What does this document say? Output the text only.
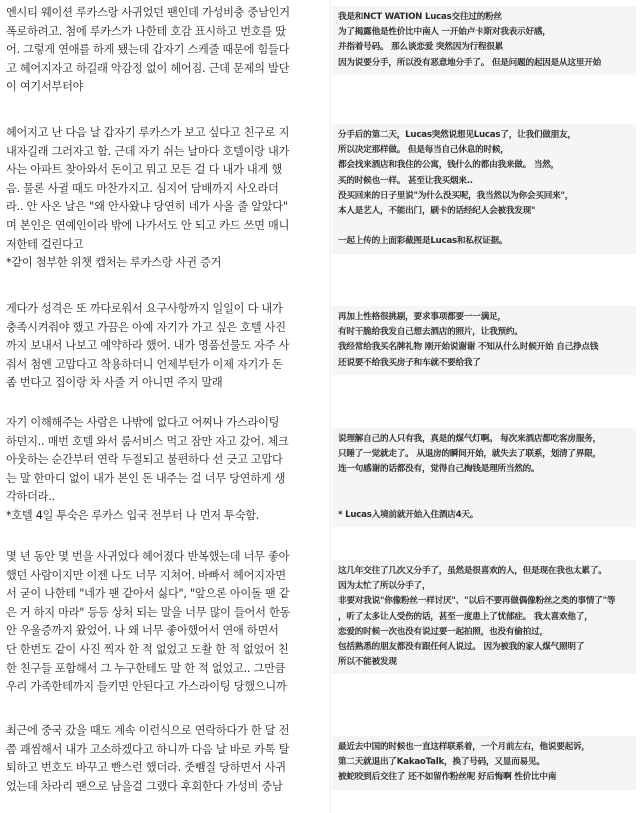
엔시티 웨이션 루카스랑 사귀었던 팬인데 가성비충 중남인거
폭로하려고. 첨에 루카스가 나한테 호감 표시하고 번호를 땄
어. 그렇게 연애를 하게 됐는데 갑자기 스케줄 때문에 힘들다
고 헤어지자고 하길래 악감정 없이 헤어짐. 근데 문제의 발단
이 여기서부터야

헤어지고 난 다음 날 갑자기 루카스가 보고 싶다고 친구로 지
내자길래 그러자고 함. 근데 자기 쉬는 날마다 호텔이랑 내가
사는 아파트 찾아와서 돈이고 뭐고 모든 걸 다 내가 내게 했
음. 물론 사귈 때도 마찬가지고. 심지어 담배까지 사오라더
라.. 안 사온 날은 "왜 안사왔냐 당연히 네가 사올 줄 알았다"
며 본인은 연예인이라 밖에 나가서도 안 되고 카드 쓰면 매니
저한테 걸린다고
*같이 첨부한 위챗 캡처는 루카스랑 사귄 증거

게다가 성격은 또 까다로워서 요구사항까지 일일이 다 내가
충족시켜줘야 했고 가끔은 아예 자기가 가고 싶은 호텔 사진
까지 보내서 나보고 예약하라 했어. 내가 명품선물도 자주 사
줘서 첨엔 고맙다고 착용하더니 언제부턴가 이제 자기가 돈
좀 번다고 집이랑 차 사줄 거 아니면 주지 말래

자기 이해해주는 사람은 나밖에 없다고 어찌나 가스라이팅
하던지.. 매번 호텔 와서 룸서비스 먹고 잠만 자고 갔어. 체크
아웃하는 순간부터 연락 두절되고 불편하다 선 긋고 고맙다
는 말 한마디 없이 내가 본인 돈 내주는 걸 너무 당연하게 생
각하더라..
*호텔 4일 투숙은 루카스 입국 전부터 나 먼저 투숙함.

몇 년 동안 몇 번을 사귀었다 헤어졌다 반복했는데 너무 좋아
했던 사람이지만 이젠 나도 너무 지쳐어. 바빠서 헤어지자면
서 굳이 나한테 "네가 팬 같아서 싫다", "앞으론 아이돌 팬 같
은 거 하지 마라" 등등 상처 되는 말을 너무 많이 들어서 한동
안 우울증까지 왔었어. 나 왜 너무 좋아했어서 연애 하면서
단 한번도 같이 사진 찍자 한 적 없었고 도촬 한 적 없었어 친
한 친구들 포함해서 그 누구한테도 말 한 적 없었고.. 그만큼
우리 가족한테까지 들키면 안된다고 가스라이팅 당했으니까

최근에 중국 갔을 때도 계속 이런식으로 연락하다가 한 달 전
쯤 괘씸해서 내가 고소하겠다고 하니까 다음 날 바로 카톡 탈
퇴하고 번호도 바꾸고 빤스런 했더라. 줏뺌질 당하면서 사귀
었는데 차라리 팬으로 남을걸 그랬다 후회한다 가성비 중남

我是和NCT WATION Lucas交往过的粉丝
为了揭露他是性价比中南人 一开始卢卡斯对我表示好感，
并指着号码。 那么谈恋爱 突然因为行程很累
因为说要分手，所以没有恶意地分手了。 但是问题的起因是从这里开始

分手后的第二天，Lucas突然说想见Lucas了，让我们做朋友，
所以决定那样做。 但是每当自己休息的时候，
都会找来酒店和我住的公寓，钱什么的都由我来做。 当然，
买的时候也一样。 甚至让我买烟来..
没买回来的日子里说"为什么没买呢，我当然以为你会买回来"，
本人是艺人，不能出门，刷卡的话经纪人会被我发现"

一起上传的上面彩截图是Lucas和私权证据。

再加上性格很挑剔，要求事项都要一一满足，
有时干脆给我发自己想去酒店的照片，让我预约。
我经常给我买名牌礼物 刚开始说谢谢 不知从什么时候开始 自己挣点钱
还说要不给我买房子和车就不要给我了

说理解自己的人只有我，真是的煤气灯啊。 每次来酒店都吃客房服务，
只睡了一觉就走了。 从退房的瞬间开始，就失去了联系，划清了界限，
连一句感谢的话都没有，觉得自己掏钱是理所当然的。

* Lucas入境前就开始入住酒店4天。

这几年交往了几次又分手了，虽然是很喜欢的人，但是现在我也太累了。
因为太忙了所以分手了，
非要对我说"你像粉丝一样讨厌"、"以后不要再做偶像粉丝之类的事情了"等
，听了太多让人受伤的话，甚至一度患上了忧郁症。 我太喜欢他了，
恋爱的时候一次也没有说过要一起拍照，也没有偷拍过，
包括熟悉的朋友都没有跟任何人说过。 因为被我的家人煤气照明了
所以不能被发现

最近去中国的时候也一直这样联系着，一个月前左右，他说要起诉，
第二天就退出了KakaoTalk，换了号码，又显而易见。
被蛇咬到后交往了 还不如留作粉丝呢 好后悔啊 性价比中南
